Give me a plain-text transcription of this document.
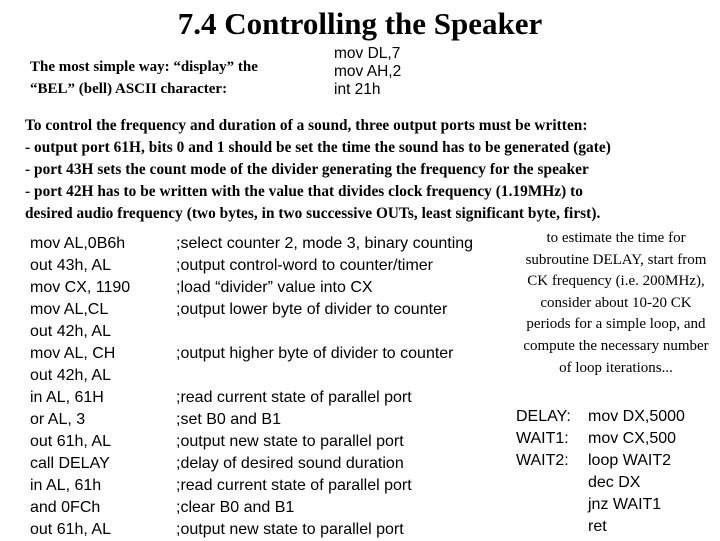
7.4 Controlling the Speaker
The most simple way: “display” the
“BEL” (bell) ASCII character:
mov DL,7
mov AH,2
int 21h
To control the frequency and duration of a sound, three output ports must be written:
- output port 61H, bits 0 and 1 should be set the time the sound has to be generated (gate)
- port 43H sets the count mode of the divider generating the frequency for the speaker
- port 42H has to be written with the value that divides clock frequency (1.19MHz) to
desired audio frequency (two bytes, in two successive OUTs, least significant byte, first).
mov AL,0B6h
out 43h, AL
mov CX, 1190
mov AL,CL
out 42h, AL
mov AL, CH
out 42h, AL
in AL, 61H
or AL, 3
out 61h, AL
call DELAY
in AL, 61h
and 0FCh
out 61h, AL
;select counter 2, mode 3, binary counting
;output control-word to counter/timer
;load “divider” value into CX
;output lower byte of divider to counter
;output higher byte of divider to counter
;read current state of parallel port
;set B0 and B1
;output new state to parallel port
;delay of desired sound duration
;read current state of parallel port
;clear B0 and B1
;output new state to parallel port
to estimate the time for subroutine DELAY, start from CK frequency (i.e. 200MHz), consider about 10-20 CK periods for a simple loop, and compute the necessary number of loop iterations...
DELAY: mov DX,5000
WAIT1: mov CX,500
WAIT2: loop WAIT2
dec DX
jnz WAIT1
ret
